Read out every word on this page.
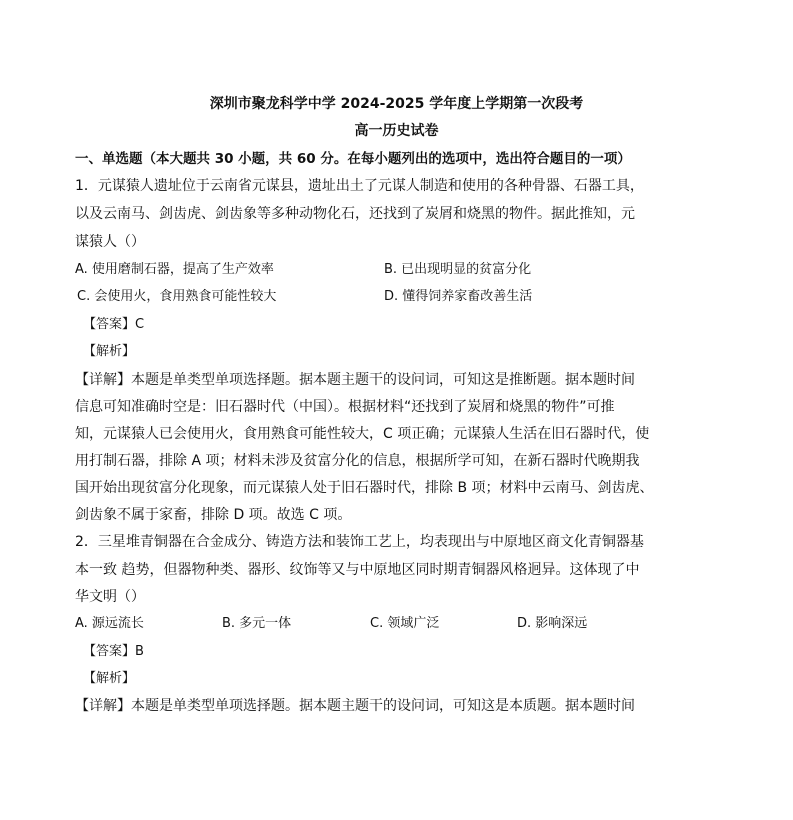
深圳市聚龙科学中学 2024-2025 学年度上学期第一次段考
高一历史试卷
一、单选题（本大题共 30 小题，共 60 分。在每小题列出的选项中，选出符合题目的一项）
1．元谋猿人遗址位于云南省元谋县，遗址出土了元谋人制造和使用的各种骨器、石器工具，
以及云南马、剑齿虎、剑齿象等多种动物化石，还找到了炭屑和烧黑的物件。据此推知，元
谋猿人（）
A. 使用磨制石器，提高了生产效率	B. 已出现明显的贫富分化
C. 会使用火，食用熟食可能性较大	D. 懂得饲养家畜改善生活
【答案】C
【解析】
【详解】本题是单类型单项选择题。据本题主题干的设问词，可知这是推断题。据本题时间
信息可知准确时空是：旧石器时代（中国）。根据材料“还找到了炭屑和烧黑的物件”可推
知，元谋猿人已会使用火，食用熟食可能性较大，C 项正确；元谋猿人生活在旧石器时代，使
用打制石器，排除 A 项；材料未涉及贫富分化的信息，根据所学可知，在新石器时代晚期我
国开始出现贫富分化现象，而元谋猿人处于旧石器时代，排除 B 项；材料中云南马、剑齿虎、
剑齿象不属于家畜，排除 D 项。故选 C 项。
2．三星堆青铜器在合金成分、铸造方法和装饰工艺上，均表现出与中原地区商文化青铜器基
本一致 趋势，但器物种类、器形、纹饰等又与中原地区同时期青铜器风格迥异。这体现了中
华文明（）
A. 源远流长	B. 多元一体	C. 领域广泛	D. 影响深远
【答案】B
【解析】
【详解】本题是单类型单项选择题。据本题主题干的设问词，可知这是本质题。据本题时间
